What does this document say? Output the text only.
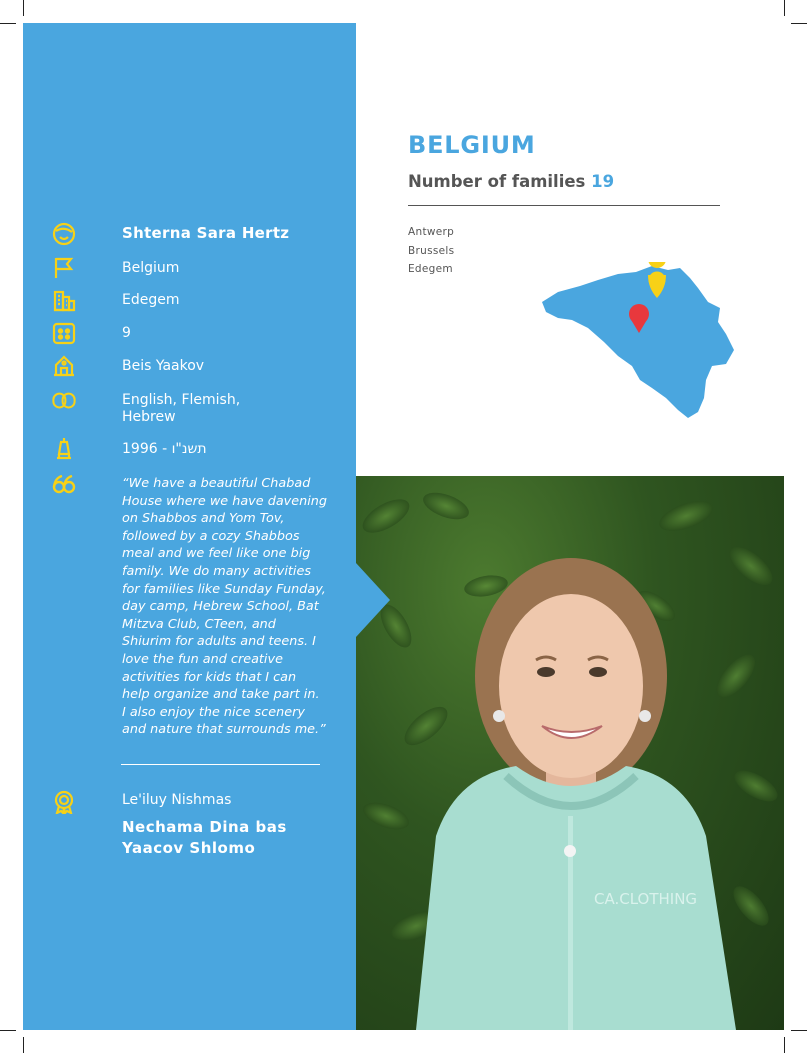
Shterna Sara Hertz
Belgium
Edegem
9
Beis Yaakov
English, Flemish, Hebrew
1996 - תשנ"ו
“We have a beautiful Chabad House where we have davening on Shabbos and Yom Tov, followed by a cozy Shabbos meal and we feel like one big family. We do many activities for families like Sunday Funday, day camp, Hebrew School, Bat Mitzva Club, CTeen, and Shiurim for adults and teens. I love the fun and creative activities for kids that I can help organize and take part in. I also enjoy the nice scenery and nature that surrounds me.”
Le'iluy Nishmas
Nechama Dina bas Yaacov Shlomo
BELGIUM
Number of families 19
Antwerp
Brussels
Edegem
CA.CLOTHING
